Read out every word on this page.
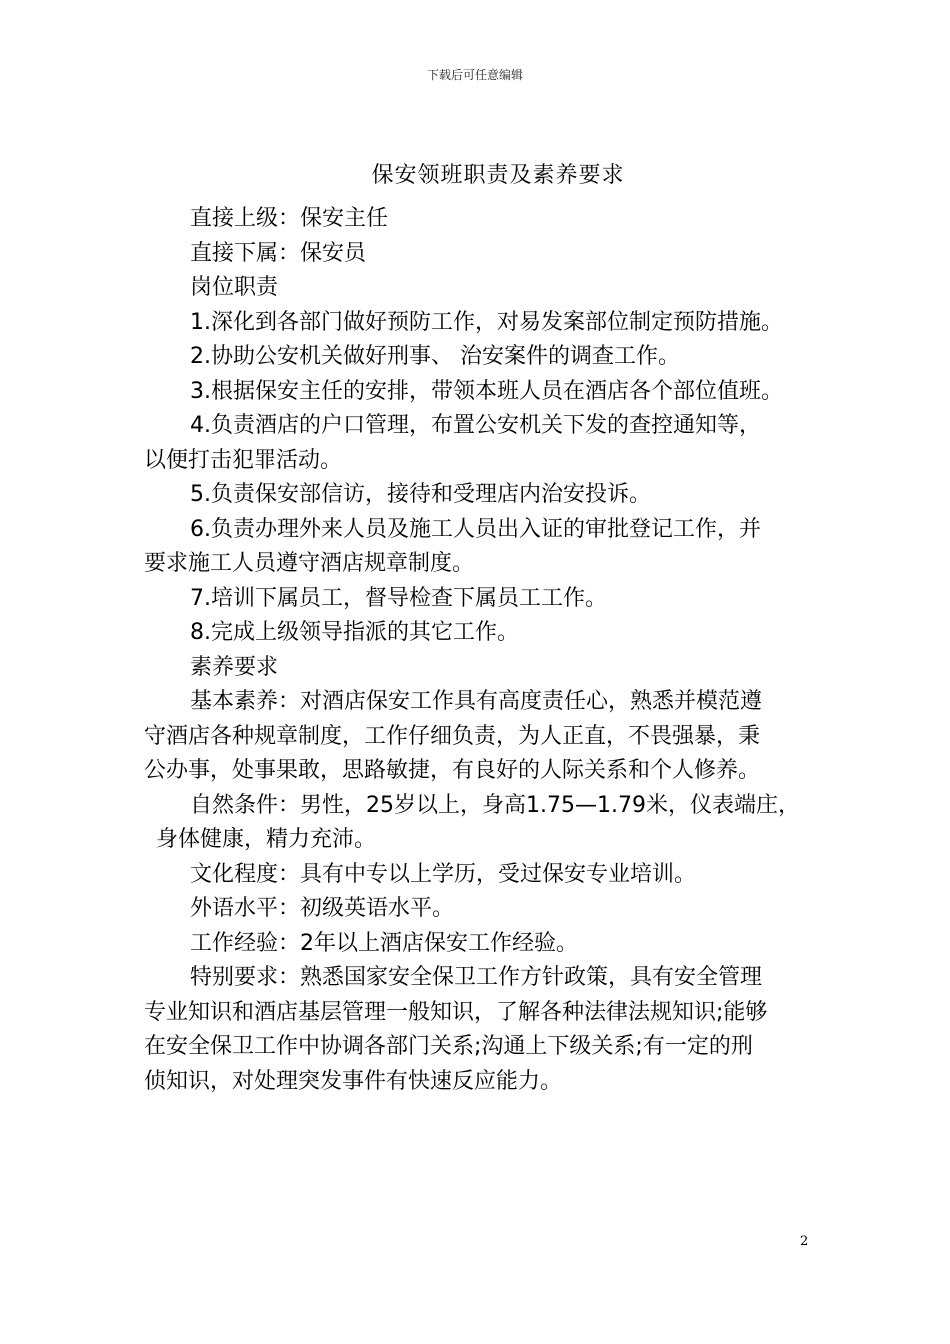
下载后可任意编辑
保安领班职责及素养要求
直接上级：保安主任
直接下属：保安员
岗位职责
1.深化到各部门做好预防工作，对易发案部位制定预防措施。
2.协助公安机关做好刑事、 治安案件的调查工作。
3.根据保安主任的安排，带领本班人员在酒店各个部位值班。
4.负责酒店的户口管理，布置公安机关下发的查控通知等，
以便打击犯罪活动。
5.负责保安部信访，接待和受理店内治安投诉。
6.负责办理外来人员及施工人员出入证的审批登记工作，并
要求施工人员遵守酒店规章制度。
7.培训下属员工，督导检查下属员工工作。
8.完成上级领导指派的其它工作。
素养要求
基本素养：对酒店保安工作具有高度责任心，熟悉并模范遵
守酒店各种规章制度，工作仔细负责，为人正直，不畏强暴，秉
公办事，处事果敢，思路敏捷，有良好的人际关系和个人修养。
自然条件：男性，25岁以上，身高1.75—1.79米，仪表端庄，
身体健康，精力充沛。
文化程度：具有中专以上学历，受过保安专业培训。
外语水平：初级英语水平。
工作经验：2年以上酒店保安工作经验。
特别要求：熟悉国家安全保卫工作方针政策，具有安全管理
专业知识和酒店基层管理一般知识，了解各种法律法规知识;能够
在安全保卫工作中协调各部门关系;沟通上下级关系;有一定的刑
侦知识，对处理突发事件有快速反应能力。
2
